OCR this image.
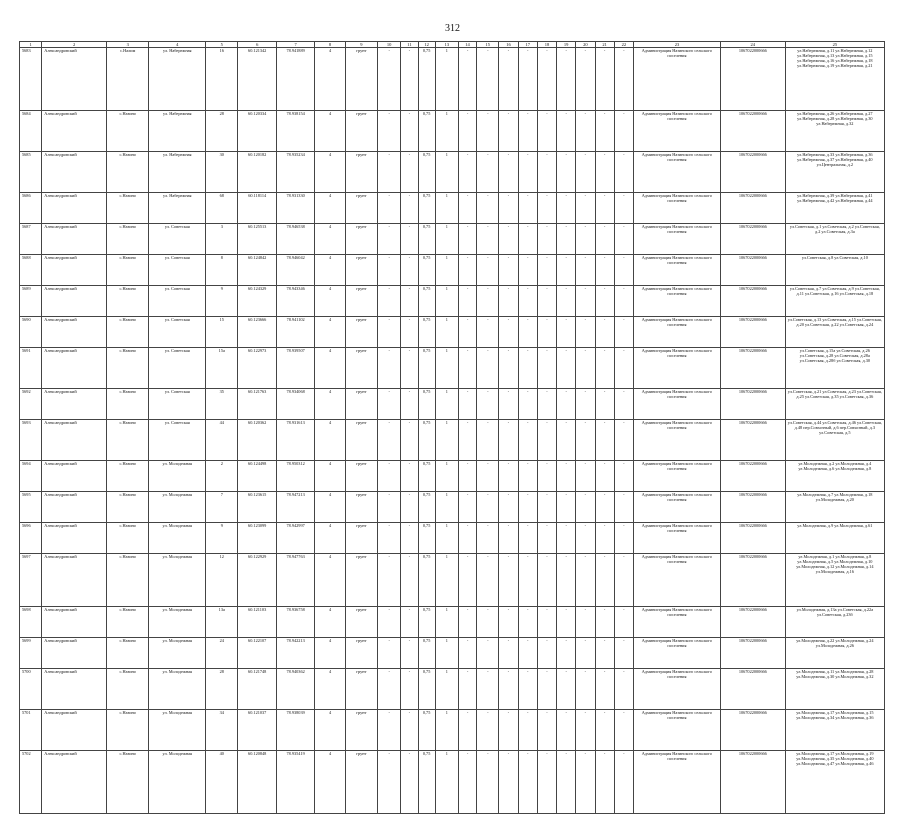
312
1	2	3	4	5	6	7	8	9	10	11	12	13	14	15	16	17	18	19	20	21	22	23	24	25
5683	Александровский	с.Налим	ул. Набережная	16	60.121342	78.941889	4	грунт	-	-	0,75	1	-	-	-	-	-	-	-	-	-	Администрация Назинского сельского поселения	1067022000666	ул.Набережная, д.11 ул.Набережная, д.12 ул.Набережная, д.13 ул.Набережная, д.15 ул.Набережная, д.16 ул.Набережная, д.18 ул.Набережная, д.19 ул.Набережная, д.21
5684	Александровский	с.Назино	ул. Набережная	28	60.120334	78.938154	4	грунт	-	-	0,75	1	-	-	-	-	-	-	-	-	-	Администрация Назинского сельского поселения	1067022000666	ул.Набережная, д.26 ул.Набережная, д.27 ул.Набережная, д.28 ул.Набережная, д.30 ул.Набережная, д.32
5685	Александровский	с.Назино	ул. Набережная	30	60.120182	78.935234	4	грунт	-	-	0,75	1	-	-	-	-	-	-	-	-	-	Администрация Назинского сельского поселения	1067022000666	ул.Набережная, д.33 ул.Набережная, д.36 ул.Набережная, д.37 ул.Набережная, д.40 ул.Центральная, д.2
5686	Александровский	с.Назино	ул. Набережная	68	60.118114	78.931330	4	грунт	-	-	0,75	1	-	-	-	-	-	-	-	-	-	Администрация Назинского сельского поселения	1067022000666	ул.Набережная, д.39 ул.Набережная, д.41 ул.Набережная, д.42 ул.Набережная, д.44
5687	Александровский	с.Назино	ул. Советская	3	60.125513	78.946538	4	грунт	-	-	0,75	1	-	-	-	-	-	-	-	-	-	Администрация Назинского сельского поселения	1067022000666	ул.Советская, д.1 ул.Советская, д.2 ул.Советская, д.2 ул.Советская, д.3а
5688	Александровский	с.Назино	ул. Советская	8	60.124842	78.946042	4	грунт	-	-	0,75	1	-	-	-	-	-	-	-	-	-	Администрация Назинского сельского поселения	1067022000666	ул.Советская, д.8 ул.Советская, д.10
5689	Александровский	с.Назино	ул. Советская	9	60.124329	78.943346	4	грунт	-	-	0,75	1	-	-	-	-	-	-	-	-	-	Администрация Назинского сельского поселения	1067022000666	ул.Советская, д.7 ул.Советская, д.9 ул.Советская, д.11 ул.Советская, д.16 ул.Советская, д.18
5690	Александровский	с.Назино	ул. Советская	15	60.123666	78.941102	4	грунт	-	-	0,75	1	-	-	-	-	-	-	-	-	-	Администрация Назинского сельского поселения	1067022000666	ул.Советская, д.13 ул.Советская, д.15 ул.Советская, д.20 ул.Советская, д.22 ул.Советская, д.24
5691	Александровский	с.Назино	ул. Советская	15а	60.122973	78.939507	4	грунт	-	-	0,75	1	-	-	-	-	-	-	-	-	-	Администрация Назинского сельского поселения	1067022000666	ул.Советская, д.15а ул.Советская, д.26 ул.Советская, д.28 ул.Советская, д.28а ул.Советская, д.28б ул.Советская, д.30
5692	Александровский	с.Назино	ул. Советская	35	60.121763	78.934068	4	грунт	-	-	0,75	1	-	-	-	-	-	-	-	-	-	Администрация Назинского сельского поселения	1067022000666	ул.Советская, д.21 ул.Советская, д.23 ул.Советская, д.25 ул.Советская, д.35 ул.Советская, д.36
5693	Александровский	с.Назино	ул. Советская	44	60.120362	78.931613	4	грунт	-	-	0,75	1	-	-	-	-	-	-	-	-	-	Администрация Назинского сельского поселения	1067022000666	ул.Советская, д.44 ул.Советская, д.46 ул.Советская, д.48 пер.Совхозный, д.6 пер.Совхозный, д.3 ул.Советская, д.5
5694	Александровский	с.Назино	ул. Молодежная	2	60.124498	78.950312	4	грунт	-	-	0,75	1	-	-	-	-	-	-	-	-	-	Администрация Назинского сельского поселения	1067022000666	ул.Молодежная, д.2 ул.Молодежная, д.4 ул.Молодежная, д.6 ул.Молодежная, д.8
5695	Александровский	с.Назино	ул. Молодежная	7	60.123615	78.947213	4	грунт	-	-	0,75	1	-	-	-	-	-	-	-	-	-	Администрация Назинского сельского поселения	1067022000666	ул.Молодежная, д.7 ул.Молодежная, д.18 ул.Молодежная, д.20
5696	Александровский	с.Назино	ул. Молодежная	9	60.123099	78.942997	4	грунт	-	-	0,75	1	-	-	-	-	-	-	-	-	-	Администрация Назинского сельского поселения	1067022000666	ул.Молодежная, д.9 ул.Молодежная, д.61
5697	Александровский	с.Назино	ул. Молодежная	12	60.122929	78.947763	4	грунт	-	-	0,75	1	-	-	-	-	-	-	-	-	-	Администрация Назинского сельского поселения	1067022000666	ул.Молодежная, д.1 ул.Молодежная, д.8 ул.Молодежная, д.5 ул.Молодежная, д.10 ул.Молодежная, д.12 ул.Молодежная, д.14 ул.Молодежная, д.16
5698	Александровский	с.Назино	ул. Молодежная	13а	60.121103	78.936758	4	грунт	-	-	0,75	1	-	-	-	-	-	-	-	-	-	Администрация Назинского сельского поселения	1067022000666	ул.Молодежная, д.13а ул.Советская, д.22а ул.Советская, д.23б
5699	Александровский	с.Назино	ул. Молодежная	24	60.122107	78.942213	4	грунт	-	-	0,75	1	-	-	-	-	-	-	-	-	-	Администрация Назинского сельского поселения	1067022000666	ул.Молодежная, д.22 ул.Молодежная, д.24 ул.Молодежная, д.26
5700	Александровский	с.Назино	ул. Молодежная	28	60.121748	78.940362	4	грунт	-	-	0,75	1	-	-	-	-	-	-	-	-	-	Администрация Назинского сельского поселения	1067022000666	ул.Молодежная, д.11 ул.Молодежная, д.28 ул.Молодежная, д.30 ул.Молодежная, д.32
5701	Александровский	с.Назино	ул. Молодежная	34	60.121037	78.938039	4	грунт	-	-	0,75	1	-	-	-	-	-	-	-	-	-	Администрация Назинского сельского поселения	1067022000666	ул.Молодежная, д.17 ул.Молодежная, д.15 ул.Молодежная, д.34 ул.Молодежная, д.36
5702	Александровский	с.Назино	ул. Молодежная	40	60.120848	78.935419	4	грунт	-	-	0,75	1	-	-	-	-	-	-	-	-	-	Администрация Назинского сельского поселения	1067022000666	ул.Молодежная, д.17 ул.Молодежная, д.19 ул.Молодежная, д.35 ул.Молодежная, д.40 ул.Молодежная, д.47 ул.Молодежная, д.46
